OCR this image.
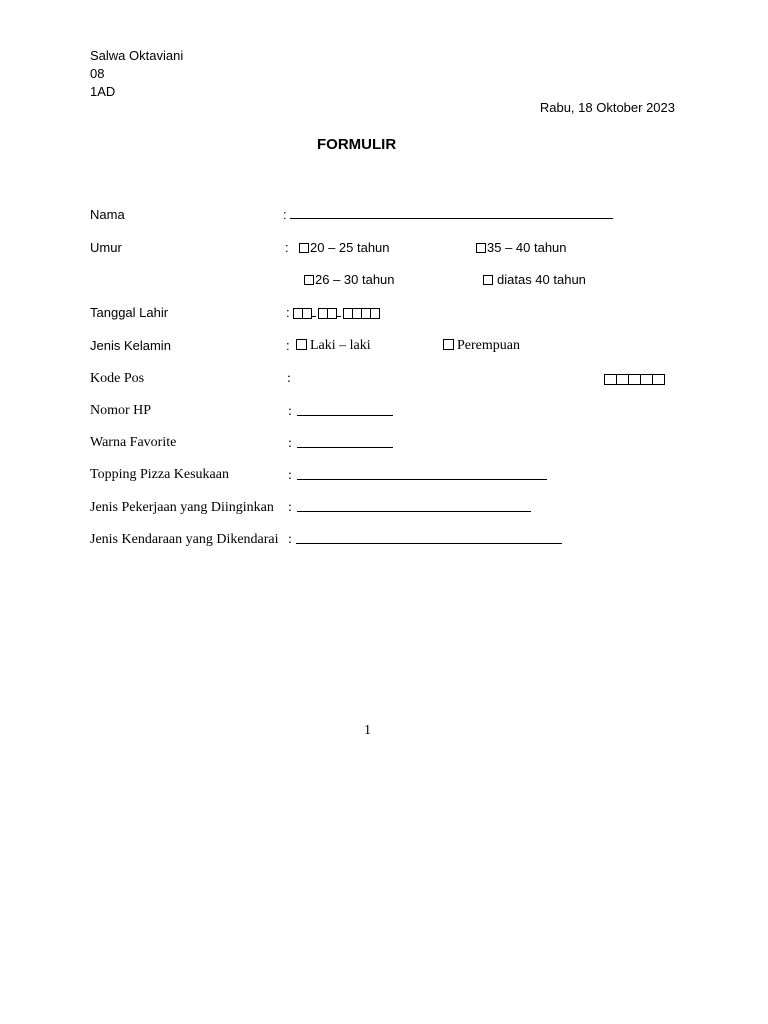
Salwa Oktaviani
08
1AD
Rabu, 18 Oktober 2023
FORMULIR
Nama	:
Umur	:	20 – 25 tahun	35 – 40 tahun
26 – 30 tahun	diatas 40 tahun
Tanggal Lahir	:
Jenis Kelamin	:	Laki – laki	Perempuan
Kode Pos	:
Nomor HP	:
Warna Favorite	:
Topping Pizza Kesukaan	:
Jenis Pekerjaan yang Diinginkan :
Jenis Kendaraan yang Dikendarai :
1
